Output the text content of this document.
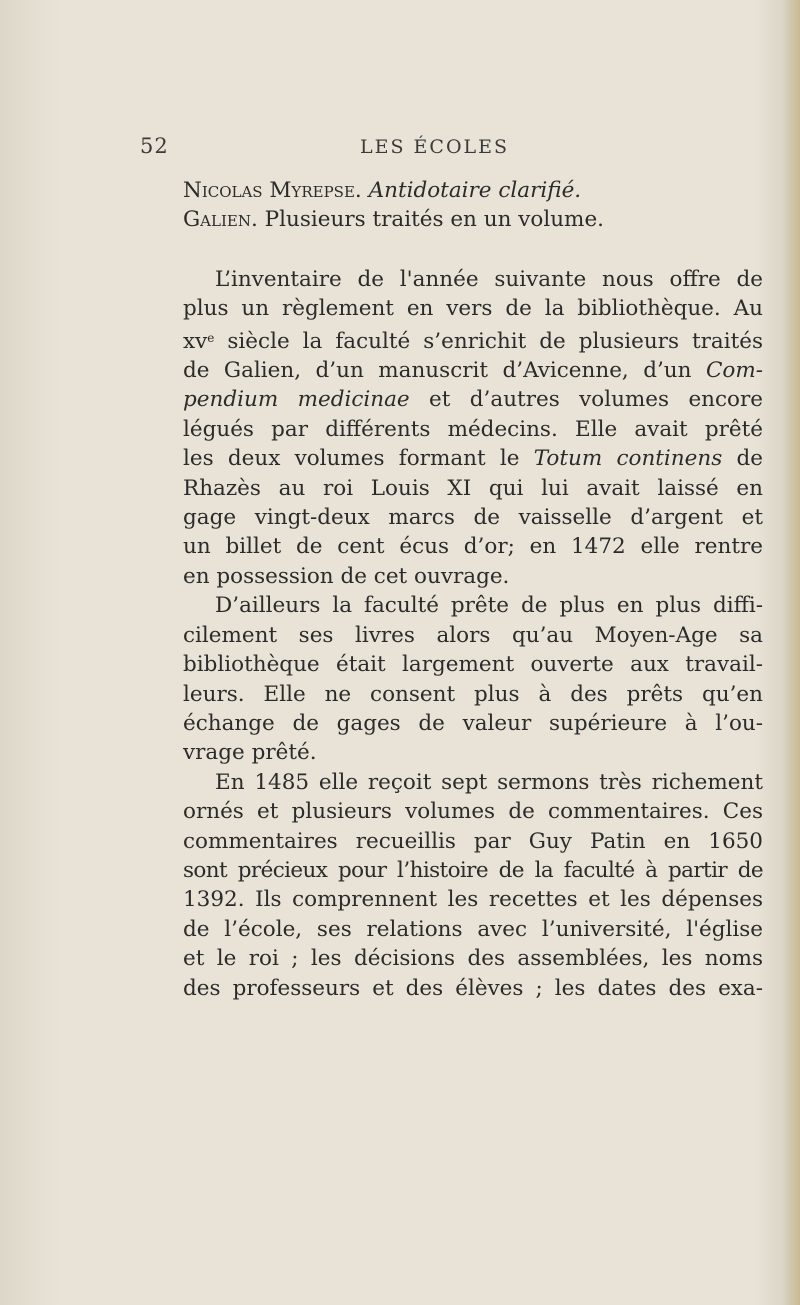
52	LES ÉCOLES
Nicolas Myrepse. Antidotaire clarifié.
Galien. Plusieurs traités en un volume.
L’inventaire de l'année suivante nous offre de
plus un règlement en vers de la bibliothèque. Au
$xv^e$ siècle la faculté s’enrichit de plusieurs traités
de Galien, d’un manuscrit d’Avicenne, d’un Com-
pendium medicinae et d’autres volumes encore
légués par différents médecins. Elle avait prêté
les deux volumes formant le Totum continens de
Rhazès au roi Louis XI qui lui avait laissé en
gage vingt-deux marcs de vaisselle d’argent et
un billet de cent écus d’or; en 1472 elle rentre
en possession de cet ouvrage.
D’ailleurs la faculté prête de plus en plus diffi-
cilement ses livres alors qu’au Moyen-Age sa
bibliothèque était largement ouverte aux travail-
leurs. Elle ne consent plus à des prêts qu’en
échange de gages de valeur supérieure à l’ou-
vrage prêté.
En 1485 elle reçoit sept sermons très richement
ornés et plusieurs volumes de commentaires. Ces
commentaires recueillis par Guy Patin en 1650
sont précieux pour l’histoire de la faculté à partir de
1392. Ils comprennent les recettes et les dépenses
de l’école, ses relations avec l’université, l'église
et le roi ; les décisions des assemblées, les noms
des professeurs et des élèves ; les dates des exa-
